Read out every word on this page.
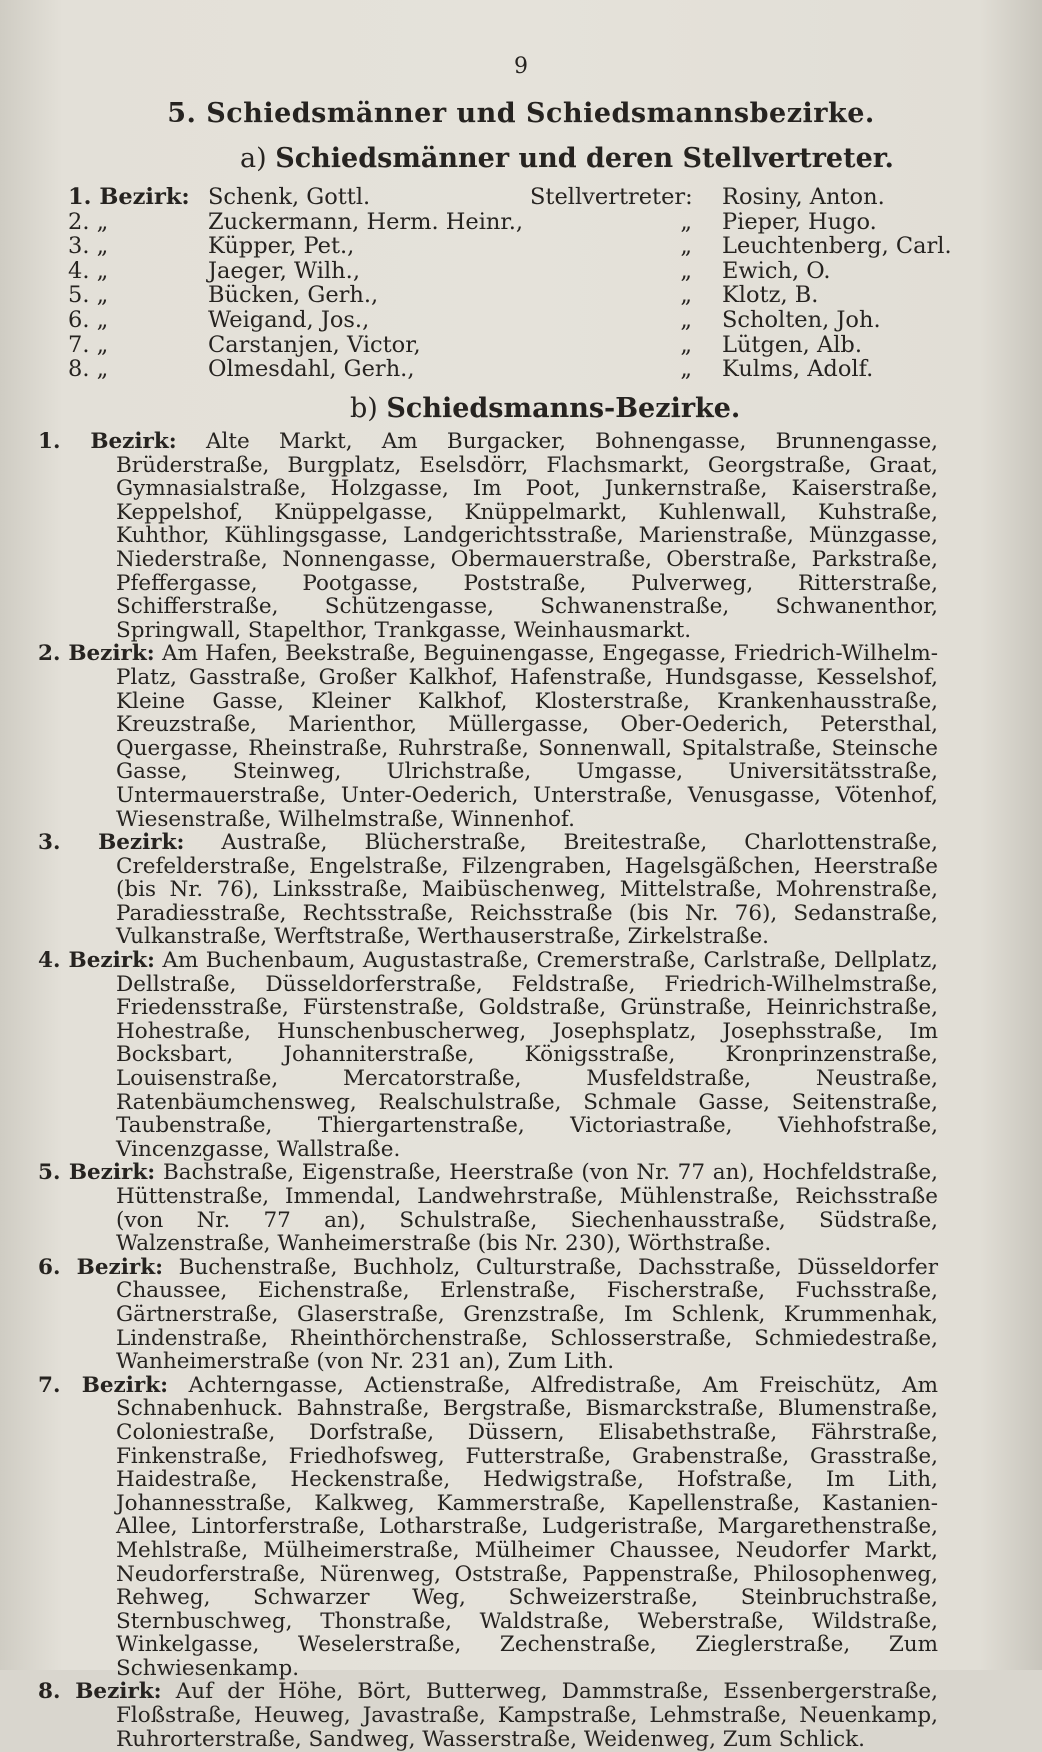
9
5. Schiedsmänner und Schiedsmannsbezirke.
a) Schiedsmänner und deren Stellvertreter.
1. Bezirk: Schenk, Gottl.	Stellvertreter:	Rosiny, Anton.
2. „	Zuckermann, Herm. Heinr.,	„	Pieper, Hugo.
3. „	Küpper, Pet.,	„	Leuchtenberg, Carl.
4. „	Jaeger, Wilh.,	„	Ewich, O.
5. „	Bücken, Gerh.,	„	Klotz, B.
6. „	Weigand, Jos.,	„	Scholten, Joh.
7. „	Carstanjen, Victor,	„	Lütgen, Alb.
8. „	Olmesdahl, Gerh.,	„	Kulms, Adolf.
b) Schiedsmanns-Bezirke.

1. Bezirk: Alte Markt, Am Burgacker, Bohnengasse, Brunnengasse, Brüderstraße, Burgplatz, Eselsdörr, Flachsmarkt, Georgstraße, Graat, Gymnasialstraße, Holzgasse, Im Poot, Junkernstraße, Kaiserstraße, Keppelshof, Knüppelgasse, Knüppelmarkt, Kuhlenwall, Kuhstraße, Kuhthor, Kühlingsgasse, Landgerichtsstraße, Marienstraße, Münzgasse, Niederstraße, Nonnengasse, Obermauerstraße, Oberstraße, Parkstraße, Pfeffergasse, Pootgasse, Poststraße, Pulverweg, Ritterstraße, Schifferstraße, Schützengasse, Schwanenstraße, Schwanenthor, Springwall, Stapelthor, Trankgasse, Weinhausmarkt.

2. Bezirk: Am Hafen, Beekstraße, Beguinengasse, Engegasse, Friedrich-Wilhelm-Platz, Gasstraße, Großer Kalkhof, Hafenstraße, Hundsgasse, Kesselshof, Kleine Gasse, Kleiner Kalkhof, Klosterstraße, Krankenhausstraße, Kreuzstraße, Marienthor, Müllergasse, Ober-Oederich, Petersthal, Quergasse, Rheinstraße, Ruhrstraße, Sonnenwall, Spitalstraße, Steinsche Gasse, Steinweg, Ulrichstraße, Umgasse, Universitätsstraße, Untermauerstraße, Unter-Oederich, Unterstraße, Venusgasse, Vötenhof, Wiesenstraße, Wilhelmstraße, Winnenhof.

3. Bezirk: Austraße, Blücherstraße, Breitestraße, Charlottenstraße, Crefelderstraße, Engelstraße, Filzengraben, Hagelsgäßchen, Heerstraße (bis Nr. 76), Linksstraße, Maibüschenweg, Mittelstraße, Mohrenstraße, Paradiesstraße, Rechtsstraße, Reichsstraße (bis Nr. 76), Sedanstraße, Vulkanstraße, Werftstraße, Werthauserstraße, Zirkelstraße.

4. Bezirk: Am Buchenbaum, Augustastraße, Cremerstraße, Carlstraße, Dellplatz, Dellstraße, Düsseldorferstraße, Feldstraße, Friedrich-Wilhelmstraße, Friedensstraße, Fürstenstraße, Goldstraße, Grünstraße, Heinrichstraße, Hohestraße, Hunschenbuscherweg, Josephsplatz, Josephsstraße, Im Bocksbart, Johanniterstraße, Königsstraße, Kronprinzenstraße, Louisenstraße, Mercatorstraße, Musfeldstraße, Neustraße, Ratenbäumchensweg, Realschulstraße, Schmale Gasse, Seitenstraße, Taubenstraße, Thiergartenstraße, Victoriastraße, Viehhofstraße, Vincenzgasse, Wallstraße.

5. Bezirk: Bachstraße, Eigenstraße, Heerstraße (von Nr. 77 an), Hochfeldstraße, Hüttenstraße, Immendal, Landwehrstraße, Mühlenstraße, Reichsstraße (von Nr. 77 an), Schulstraße, Siechenhausstraße, Südstraße, Walzenstraße, Wanheimerstraße (bis Nr. 230), Wörthstraße.

6. Bezirk: Buchenstraße, Buchholz, Culturstraße, Dachsstraße, Düsseldorfer Chaussee, Eichenstraße, Erlenstraße, Fischerstraße, Fuchsstraße, Gärtnerstraße, Glaserstraße, Grenzstraße, Im Schlenk, Krummenhak, Lindenstraße, Rheinthörchenstraße, Schlosserstraße, Schmiedestraße, Wanheimerstraße (von Nr. 231 an), Zum Lith.

7. Bezirk: Achterngasse, Actienstraße, Alfredistraße, Am Freischütz, Am Schnabenhuck. Bahnstraße, Bergstraße, Bismarckstraße, Blumenstraße, Coloniestraße, Dorfstraße, Düssern, Elisabethstraße, Fährstraße, Finkenstraße, Friedhofsweg, Futterstraße, Grabenstraße, Grasstraße, Haidestraße, Heckenstraße, Hedwigstraße, Hofstraße, Im Lith, Johannesstraße, Kalkweg, Kammerstraße, Kapellenstraße, Kastanien-Allee, Lintorferstraße, Lotharstraße, Ludgeristraße, Margarethenstraße, Mehlstraße, Mülheimerstraße, Mülheimer Chaussee, Neudorfer Markt, Neudorferstraße, Nürenweg, Oststraße, Pappenstraße, Philosophenweg, Rehweg, Schwarzer Weg, Schweizerstraße, Steinbruchstraße, Sternbuschweg, Thonstraße, Waldstraße, Weberstraße, Wildstraße, Winkelgasse, Weselerstraße, Zechenstraße, Zieglerstraße, Zum Schwiesenkamp.

8. Bezirk: Auf der Höhe, Bört, Butterweg, Dammstraße, Essenbergerstraße, Floßstraße, Heuweg, Javastraße, Kampstraße, Lehmstraße, Neuenkamp, Ruhrorterstraße, Sandweg, Wasserstraße, Weidenweg, Zum Schlick.
